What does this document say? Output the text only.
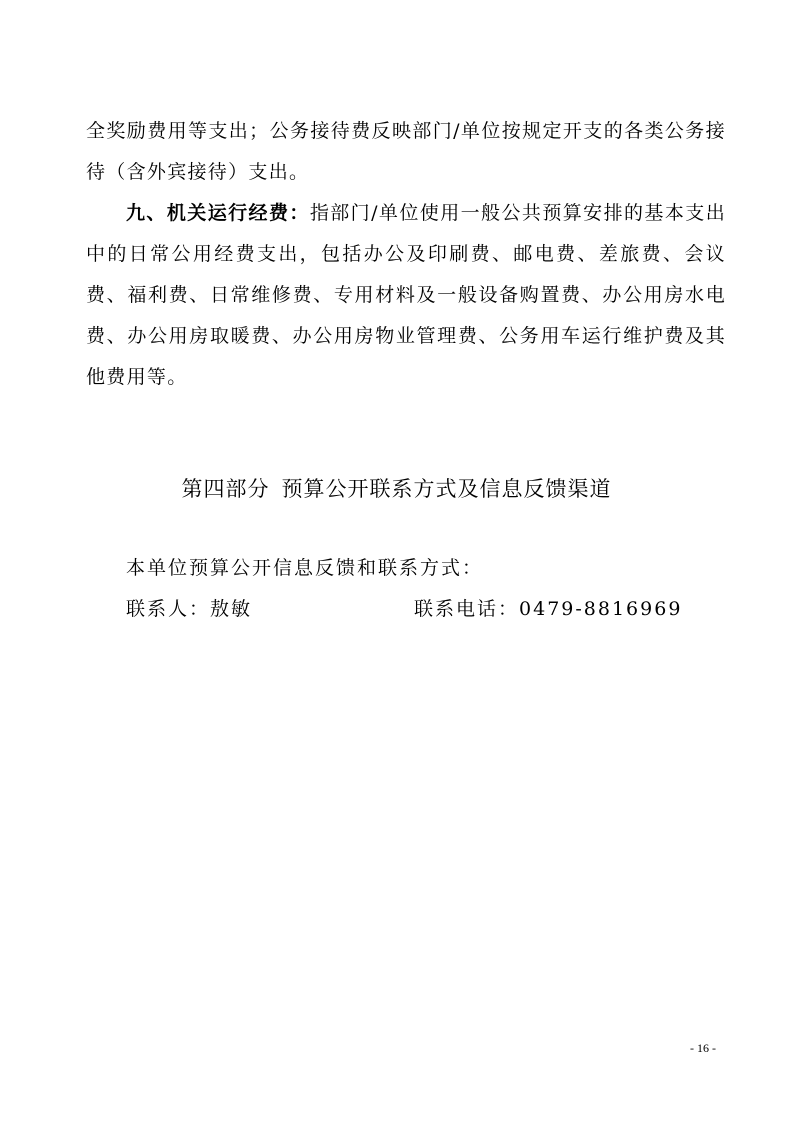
全奖励费用等支出；公务接待费反映部门/单位按规定开支的各类公务接待（含外宾接待）支出。

九、机关运行经费：指部门/单位使用一般公共预算安排的基本支出中的日常公用经费支出，包括办公及印刷费、邮电费、差旅费、会议费、福利费、日常维修费、专用材料及一般设备购置费、办公用房水电费、办公用房取暖费、办公用房物业管理费、公务用车运行维护费及其他费用等。

第四部分 预算公开联系方式及信息反馈渠道
本单位预算公开信息反馈和联系方式：
联系人：敖敏	联系电话：0479-8816969
- 16 -
